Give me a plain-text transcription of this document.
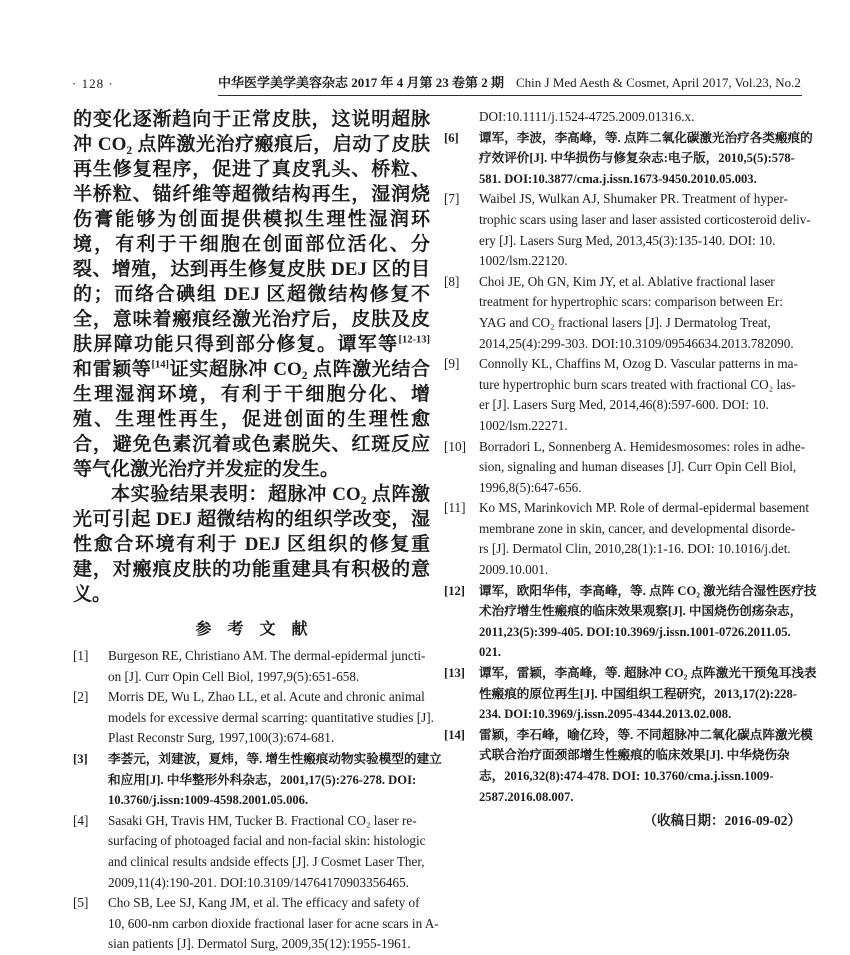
· 128 ·	中华医学美学美容杂志 2017 年 4 月第 23 卷第 2 期 Chin J Med Aesth & Cosmet, April 2017, Vol.23, No.2

的变化逐渐趋向于正常皮肤，这说明超脉冲 CO₂ 点阵激光治疗瘢痕后，启动了皮肤再生修复程序，促进了真皮乳头、桥粒、半桥粒、锚纤维等超微结构再生，湿润烧伤膏能够为创面提供模拟生理性湿润环境，有利于干细胞在创面部位活化、分裂、增殖，达到再生修复皮肤 DEJ 区的目的；而络合碘组 DEJ 区超微结构修复不全，意味着瘢痕经激光治疗后，皮肤及皮肤屏障功能只得到部分修复。谭军等[12-13] 和雷颖等[14]证实超脉冲 CO₂ 点阵激光结合生理湿润环境，有利于干细胞分化、增殖、生理性再生，促进创面的生理性愈合，避免色素沉着或色素脱失、红斑反应等气化激光治疗并发症的发生。

本实验结果表明：超脉冲 CO₂ 点阵激光可引起 DEJ 超微结构的组织学改变，湿性愈合环境有利于 DEJ 区组织的修复重建，对瘢痕皮肤的功能重建具有积极的意义。

参　考　文　献
[1] Burgeson RE, Christiano AM. The dermal-epidermal juncti-
on [J]. Curr Opin Cell Biol, 1997,9(5):651-658.
[2] Morris DE, Wu L, Zhao LL, et al. Acute and chronic animal
models for excessive dermal scarring: quantitative studies [J].
Plast Reconstr Surg, 1997,100(3):674-681.
[3] 李荟元，刘建波，夏炜，等. 增生性瘢痕动物实验模型的建立
和应用[J]. 中华整形外科杂志，2001,17(5):276-278. DOI:
10.3760/j.issn:1009-4598.2001.05.006.
[4] Sasaki GH, Travis HM, Tucker B. Fractional CO₂ laser re-
surfacing of photoaged facial and non-facial skin: histologic
and clinical results andside effects [J]. J Cosmet Laser Ther,
2009,11(4):190-201. DOI:10.3109/14764170903356465.
[5] Cho SB, Lee SJ, Kang JM, et al. The efficacy and safety of
10, 600-nm carbon dioxide fractional laser for acne scars in A-
sian patients [J]. Dermatol Surg, 2009,35(12):1955-1961.
DOI:10.1111/j.1524-4725.2009.01316.x.
[6] 谭军，李波，李高峰，等. 点阵二氧化碳激光治疗各类瘢痕的
疗效评价[J]. 中华损伤与修复杂志:电子版，2010,5(5):578-
581. DOI:10.3877/cma.j.issn.1673-9450.2010.05.003.
[7] Waibel JS, Wulkan AJ, Shumaker PR. Treatment of hyper-
trophic scars using laser and laser assisted corticosteroid deliv-
ery [J]. Lasers Surg Med, 2013,45(3):135-140. DOI: 10.
1002/lsm.22120.
[8] Choi JE, Oh GN, Kim JY, et al. Ablative fractional laser
treatment for hypertrophic scars: comparison between Er:
YAG and CO₂ fractional lasers [J]. J Dermatolog Treat,
2014,25(4):299-303. DOI:10.3109/09546634.2013.782090.
[9] Connolly KL, Chaffins M, Ozog D. Vascular patterns in ma-
ture hypertrophic burn scars treated with fractional CO₂ las-
er [J]. Lasers Surg Med, 2014,46(8):597-600. DOI: 10.
1002/lsm.22271.
[10] Borradori L, Sonnenberg A. Hemidesmosomes: roles in adhe-
sion, signaling and human diseases [J]. Curr Opin Cell Biol,
1996,8(5):647-656.
[11] Ko MS, Marinkovich MP. Role of dermal-epidermal basement
membrane zone in skin, cancer, and developmental disorde-
rs [J]. Dermatol Clin, 2010,28(1):1-16. DOI: 10.1016/j.det.
2009.10.001.
[12] 谭军，欧阳华伟，李高峰，等. 点阵 CO₂ 激光结合湿性医疗技
术治疗增生性瘢痕的临床效果观察[J]. 中国烧伤创疡杂志，
2011,23(5):399-405. DOI:10.3969/j.issn.1001-0726.2011.05.
021.
[13] 谭军，雷颖，李高峰，等. 超脉冲 CO₂ 点阵激光干预兔耳浅表
性瘢痕的原位再生[J]. 中国组织工程研究，2013,17(2):228-
234. DOI:10.3969/j.issn.2095-4344.2013.02.008.
[14] 雷颖，李石峰，喻亿玲，等. 不同超脉冲二氧化碳点阵激光模
式联合治疗面颈部增生性瘢痕的临床效果[J]. 中华烧伤杂
志，2016,32(8):474-478. DOI: 10.3760/cma.j.issn.1009-
2587.2016.08.007.
（收稿日期：2016-09-02）
